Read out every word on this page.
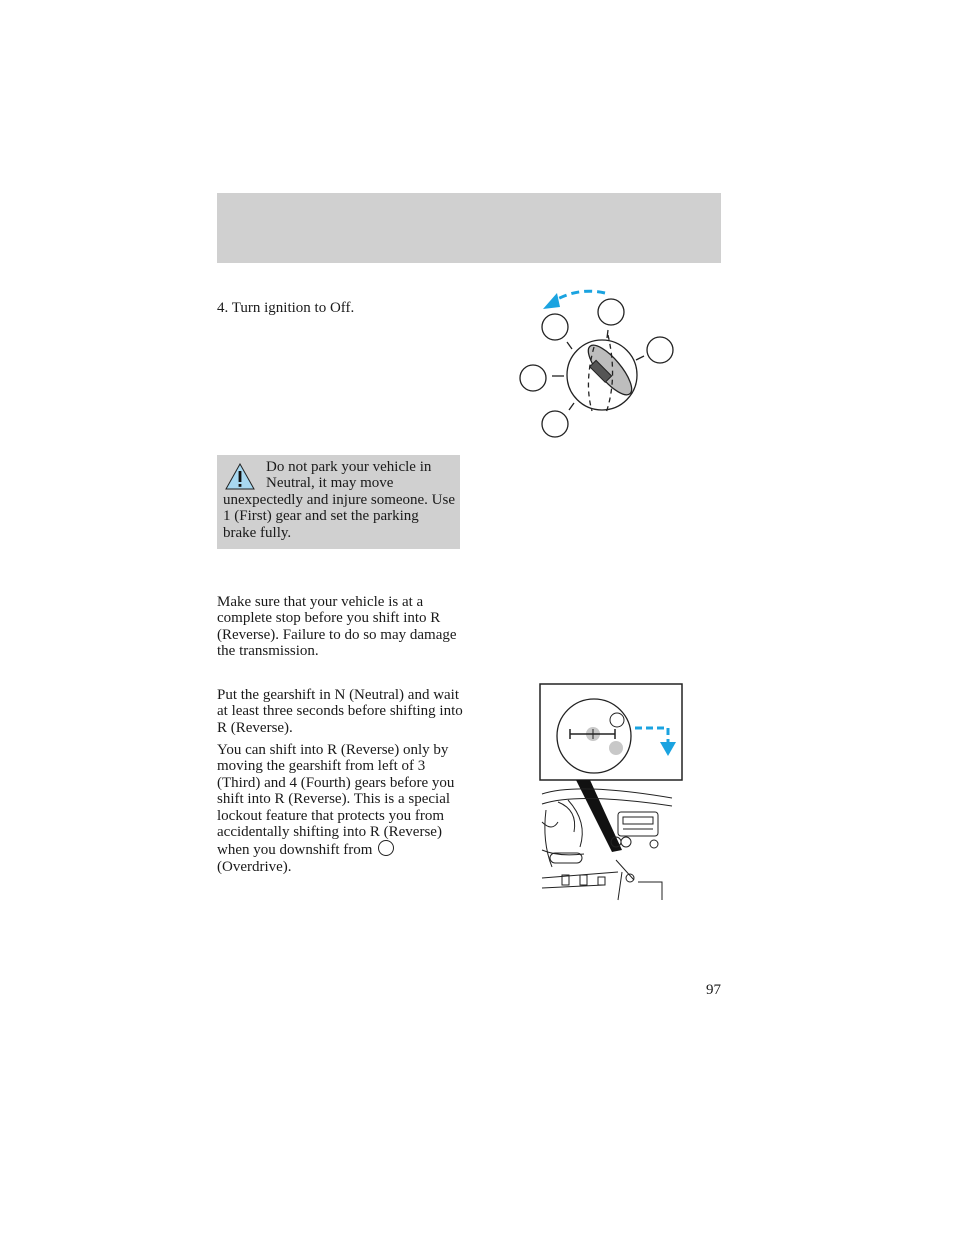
4. Turn ignition to Off.
Do not park your vehicle in Neutral, it may move unexpectedly and injure someone. Use 1 (First) gear and set the parking brake fully.
Make sure that your vehicle is at a complete stop before you shift into R (Reverse). Failure to do so may damage the transmission.
Put the gearshift in N (Neutral) and wait at least three seconds before shifting into R (Reverse).
You can shift into R (Reverse) only by moving the gearshift from left of 3 (Third) and 4 (Fourth) gears before you shift into R (Reverse). This is a special lockout feature that protects you from accidentally shifting into R (Reverse) when you downshift from  (Overdrive).
97
